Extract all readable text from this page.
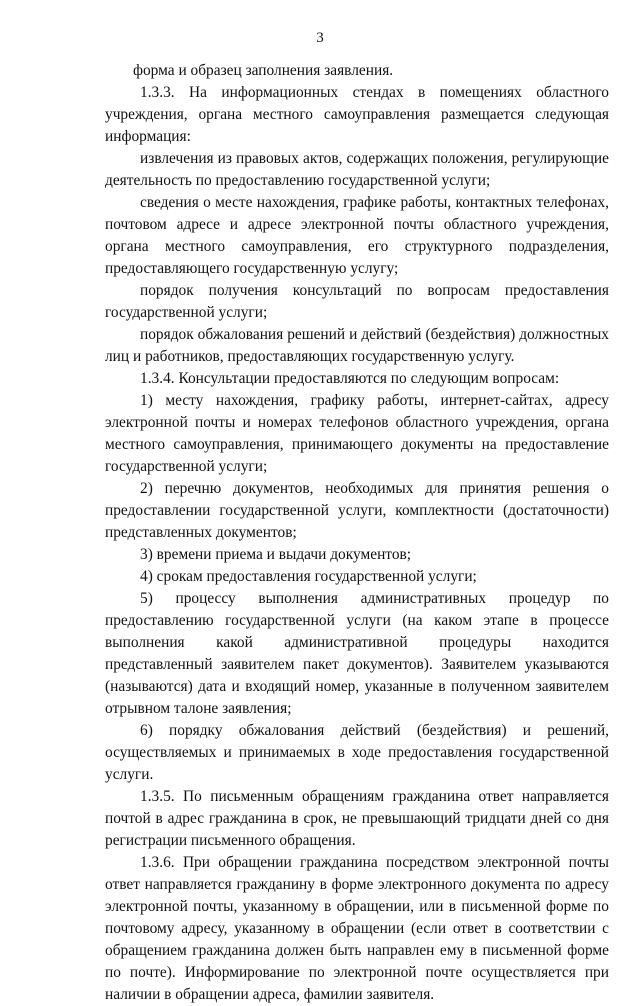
3

форма и образец заполнения заявления.

1.3.3. На информационных стендах в помещениях областного учреждения, органа местного самоуправления размещается следующая информация:

извлечения из правовых актов, содержащих положения, регулирующие деятельность по предоставлению государственной услуги;

сведения о месте нахождения, графике работы, контактных телефонах, почтовом адресе и адресе электронной почты областного учреждения, органа местного самоуправления, его структурного подразделения, предоставляющего государственную услугу;

порядок получения консультаций по вопросам предоставления государственной услуги;

порядок обжалования решений и действий (бездействия) должностных лиц и работников, предоставляющих государственную услугу.

1.3.4. Консультации предоставляются по следующим вопросам:

1) месту нахождения, графику работы, интернет-сайтах, адресу электронной почты и номерах телефонов областного учреждения, органа местного самоуправления, принимающего документы на предоставление государственной услуги;

2) перечню документов, необходимых для принятия решения о предоставлении государственной услуги, комплектности (достаточности) представленных документов;

3) времени приема и выдачи документов;

4) срокам предоставления государственной услуги;

5) процессу выполнения административных процедур по предоставлению государственной услуги (на каком этапе в процессе выполнения какой административной процедуры находится представленный заявителем пакет документов). Заявителем указываются (называются) дата и входящий номер, указанные в полученном заявителем отрывном талоне заявления;

6) порядку обжалования действий (бездействия) и решений, осуществляемых и принимаемых в ходе предоставления государственной услуги.

1.3.5. По письменным обращениям гражданина ответ направляется почтой в адрес гражданина в срок, не превышающий тридцати дней со дня регистрации письменного обращения.

1.3.6. При обращении гражданина посредством электронной почты ответ направляется гражданину в форме электронного документа по адресу электронной почты, указанному в обращении, или в письменной форме по почтовому адресу, указанному в обращении (если ответ в соответствии с обращением гражданина должен быть направлен ему в письменной форме по почте). Информирование по электронной почте осуществляется при наличии в обращении адреса, фамилии заявителя.
